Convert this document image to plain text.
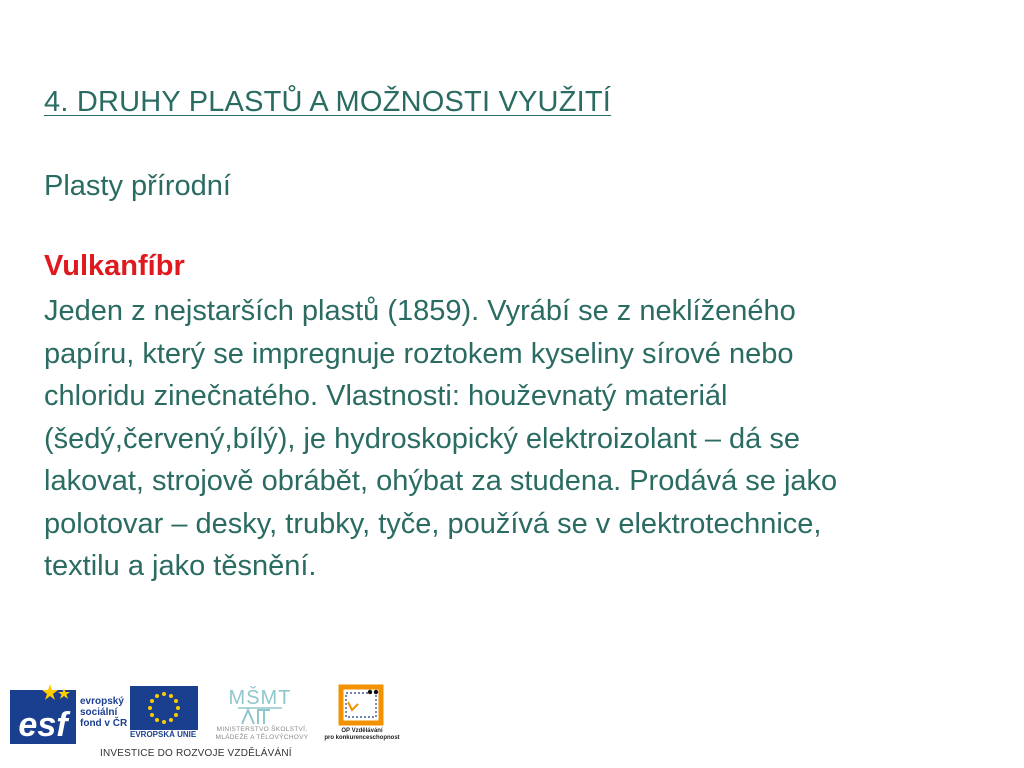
4. DRUHY PLASTŮ A MOŽNOSTI VYUŽITÍ
Plasty přírodní
Vulkanfíbr

Jeden z nejstarších plastů (1859). Vyrábí se z neklíženého
papíru, který se impregnuje roztokem kyseliny sírové nebo
chloridu zinečnatého. Vlastnosti: houževnatý materiál
(šedý,červený,bílý), je hydroskopický elektroizolant – dá se
lakovat, strojově obrábět, ohýbat za studena. Prodává se jako
polotovar – desky, trubky, tyče, používá se v elektrotechnice,
textilu a jako těsnění.

esf
evropský
sociální
fond v ČR
EVROPSKÁ UNIE
MŠMT
MINISTERSTVO ŠKOLSTVÍ,
MLÁDEŽE A TĚLOVÝCHOVY
OP Vzdělávání
pro konkurenceschopnost
INVESTICE DO ROZVOJE VZDĚLÁVÁNÍ
